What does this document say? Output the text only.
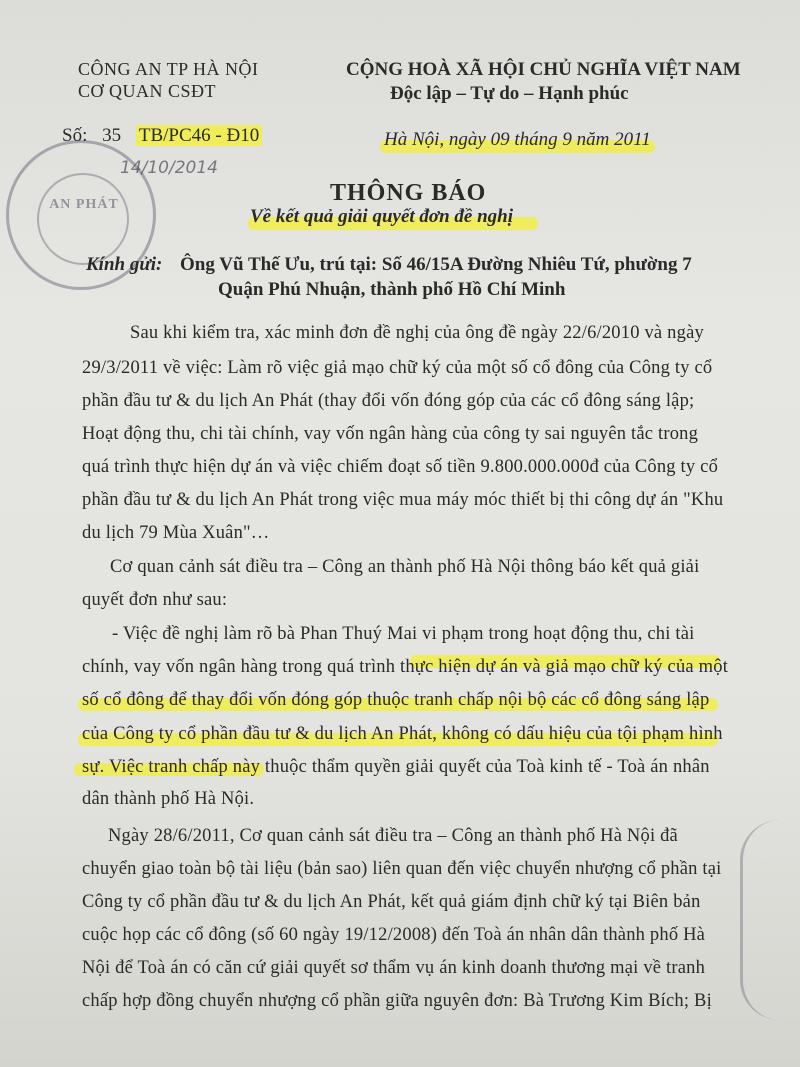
AN PHÁT
14/10/2014
CÔNG AN TP HÀ NỘI
CƠ QUAN CSĐT
CỘNG HOÀ XÃ HỘI CHỦ NGHĨA VIỆT NAM
Độc lập – Tự do – Hạnh phúc
Số: 35 TB/PC46 - Đ10	Hà Nội, ngày 09 tháng 9 năm 2011
THÔNG BÁO
Về kết quả giải quyết đơn đề nghị
Kính gửi: Ông Vũ Thế Ưu, trú tại: Số 46/15A Đường Nhiêu Tứ, phường 7
Quận Phú Nhuận, thành phố Hồ Chí Minh
Sau khi kiểm tra, xác minh đơn đề nghị của ông đề ngày 22/6/2010 và ngày
29/3/2011 về việc: Làm rõ việc giả mạo chữ ký của một số cổ đông của Công ty cổ
phần đầu tư & du lịch An Phát (thay đổi vốn đóng góp của các cổ đông sáng lập;
Hoạt động thu, chi tài chính, vay vốn ngân hàng của công ty sai nguyên tắc trong
quá trình thực hiện dự án và việc chiếm đoạt số tiền 9.800.000.000đ của Công ty cổ
phần đầu tư & du lịch An Phát trong việc mua máy móc thiết bị thi công dự án "Khu
du lịch 79 Mùa Xuân"…
Cơ quan cảnh sát điều tra – Công an thành phố Hà Nội thông báo kết quả giải
quyết đơn như sau:
- Việc đề nghị làm rõ bà Phan Thuý Mai vi phạm trong hoạt động thu, chi tài
chính, vay vốn ngân hàng trong quá trình thực hiện dự án và giả mạo chữ ký của một
số cổ đông để thay đổi vốn đóng góp thuộc tranh chấp nội bộ các cổ đông sáng lập
của Công ty cổ phần đầu tư & du lịch An Phát, không có dấu hiệu của tội phạm hình
sự. Việc tranh chấp này thuộc thẩm quyền giải quyết của Toà kinh tế - Toà án nhân
dân thành phố Hà Nội.
Ngày 28/6/2011, Cơ quan cảnh sát điều tra – Công an thành phố Hà Nội đã
chuyển giao toàn bộ tài liệu (bản sao) liên quan đến việc chuyển nhượng cổ phần tại
Công ty cổ phần đầu tư & du lịch An Phát, kết quả giám định chữ ký tại Biên bản
cuộc họp các cổ đông (số 60 ngày 19/12/2008) đến Toà án nhân dân thành phố Hà
Nội để Toà án có căn cứ giải quyết sơ thẩm vụ án kinh doanh thương mại về tranh
chấp hợp đồng chuyển nhượng cổ phần giữa nguyên đơn: Bà Trương Kim Bích; Bị
